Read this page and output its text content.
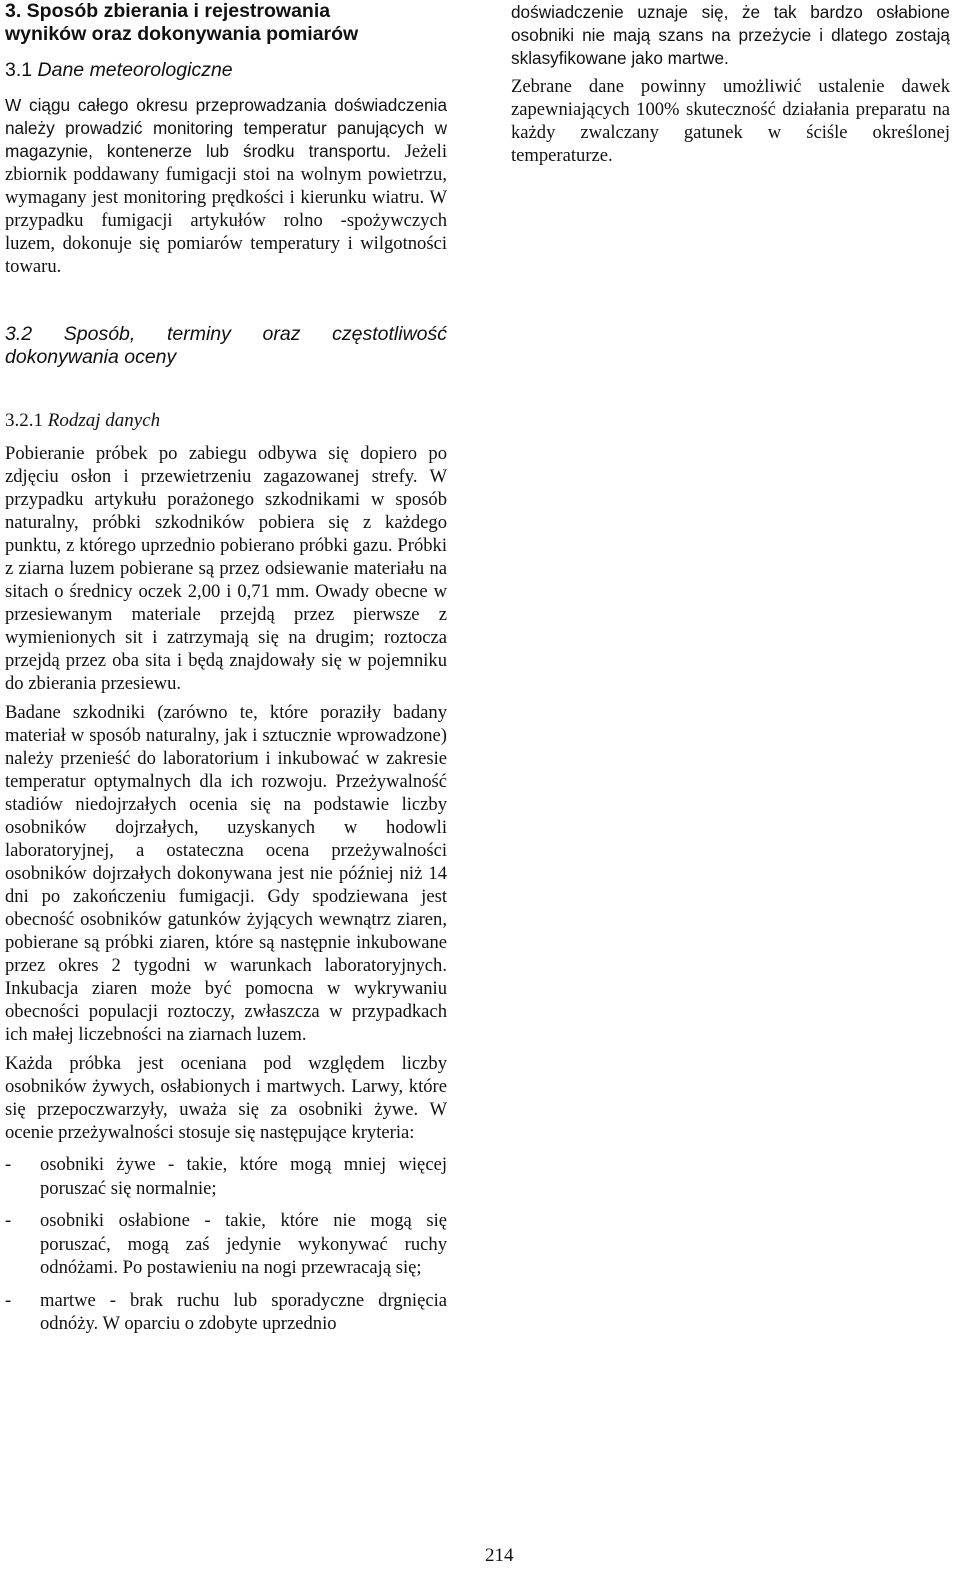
3. Sposób zbierania i rejestrowania
wyników oraz dokonywania pomiarów
3.1 Dane meteorologiczne

W ciągu całego okresu przeprowadzania doświadczenia należy prowadzić monitoring temperatur panujących w magazynie, kontenerze lub środku transportu. Jeżeli zbiornik poddawany fumigacji stoi na wolnym powietrzu, wymagany jest monitoring prędkości i kierunku wiatru. W przypadku fumigacji artykułów rolno -spożywczych luzem, dokonuje się pomiarów temperatury i wilgotności towaru.

3.2 Sposób, terminy oraz częstotliwość
dokonywania oceny
3.2.1 Rodzaj danych

Pobieranie próbek po zabiegu odbywa się dopiero po zdjęciu osłon i przewietrzeniu zagazowanej strefy. W przypadku artykułu porażonego szkodnikami w sposób naturalny, próbki szkodników pobiera się z każdego punktu, z którego uprzednio pobierano próbki gazu. Próbki z ziarna luzem pobierane są przez odsiewanie materiału na sitach o średnicy oczek 2,00 i 0,71 mm. Owady obecne w przesiewanym materiale przejdą przez pierwsze z wymienionych sit i zatrzymają się na drugim; roztocza przejdą przez oba sita i będą znajdowały się w pojemniku do zbierania przesiewu.

Badane szkodniki (zarówno te, które poraziły badany materiał w sposób naturalny, jak i sztucznie wprowadzone) należy przenieść do laboratorium i inkubować w zakresie temperatur optymalnych dla ich rozwoju. Przeżywalność stadiów niedojrzałych ocenia się na podstawie liczby osobników dojrzałych, uzyskanych w hodowli laboratoryjnej, a ostateczna ocena przeżywalności osobników dojrzałych dokonywana jest nie później niż 14 dni po zakończeniu fumigacji. Gdy spodziewana jest obecność osobników gatunków żyjących wewnątrz ziaren, pobierane są próbki ziaren, które są następnie inkubowane przez okres 2 tygodni w warunkach laboratoryjnych. Inkubacja ziaren może być pomocna w wykrywaniu obecności populacji roztoczy, zwłaszcza w przypadkach ich małej liczebności na ziarnach luzem.

Każda próbka jest oceniana pod względem liczby osobników żywych, osłabionych i martwych. Larwy, które się przepoczwarzyły, uważa się za osobniki żywe. W ocenie przeżywalności stosuje się następujące kryteria:

- osobniki żywe - takie, które mogą mniej więcej poruszać się normalnie;
- osobniki osłabione - takie, które nie mogą się poruszać, mogą zaś jedynie wykonywać ruchy odnóżami. Po postawieniu na nogi przewracają się;
- martwe - brak ruchu lub sporadyczne drgnięcia odnóży. W oparciu o zdobyte uprzednio

doświadczenie uznaje się, że tak bardzo osłabione osobniki nie mają szans na przeżycie i dlatego zostają sklasyfikowane jako martwe.

Zebrane dane powinny umożliwić ustalenie dawek zapewniających 100% skuteczność działania preparatu na każdy zwalczany gatunek w ściśle określonej temperaturze.

214
